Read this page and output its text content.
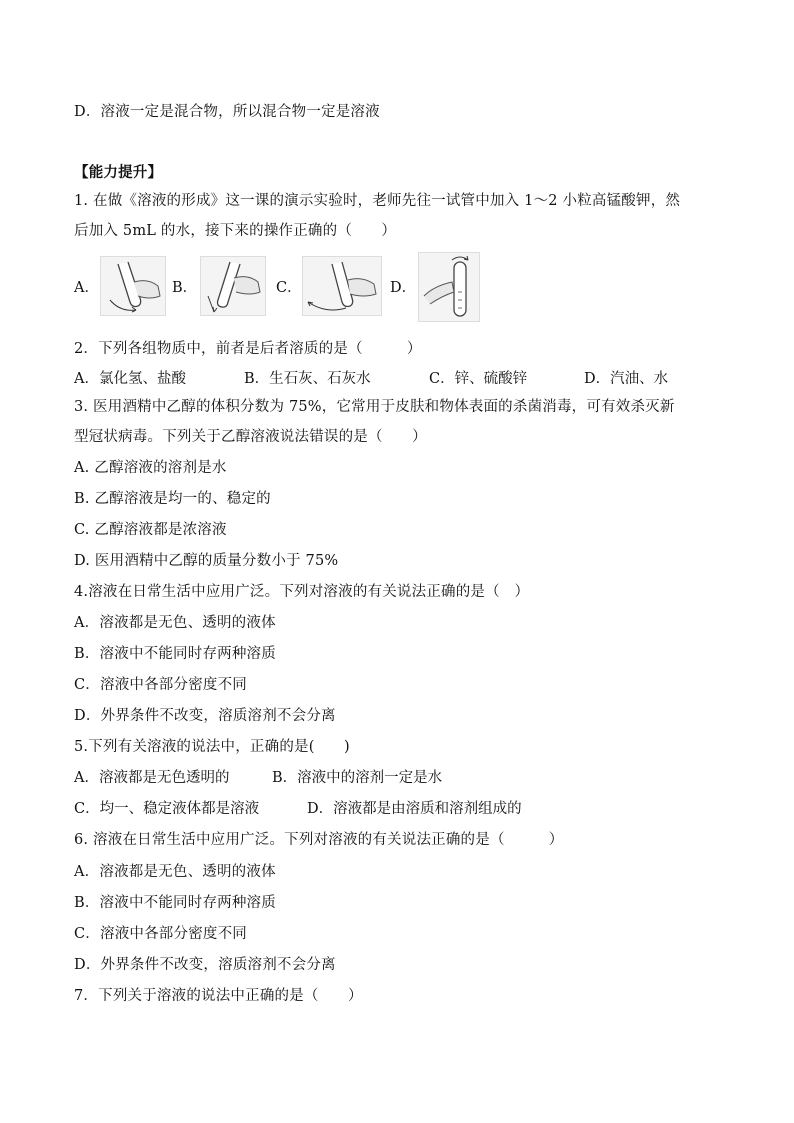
D．溶液一定是混合物，所以混合物一定是溶液
【能力提升】
1. 在做《溶液的形成》这一课的演示实验时，老师先往一试管中加入 1～2 小粒高锰酸钾，然
后加入 5mL 的水，接下来的操作正确的（　　）
A．	B．	C．	D．
2．下列各组物质中，前者是后者溶质的是（　　　）
A．氯化氢、盐酸	B．生石灰、石灰水	C．锌、硫酸锌	D．汽油、水
3. 医用酒精中乙醇的体积分数为 75%，它常用于皮肤和物体表面的杀菌消毒，可有效杀灭新
型冠状病毒。下列关于乙醇溶液说法错误的是（　　）
A. 乙醇溶液的溶剂是水
B. 乙醇溶液是均一的、稳定的
C. 乙醇溶液都是浓溶液
D. 医用酒精中乙醇的质量分数小于 75%
4.溶液在日常生活中应用广泛。下列对溶液的有关说法正确的是（　）
A．溶液都是无色、透明的液体
B．溶液中不能同时存两种溶质
C．溶液中各部分密度不同
D．外界条件不改变，溶质溶剂不会分离
5.下列有关溶液的说法中，正确的是(　　)
A．溶液都是无色透明的	B．溶液中的溶剂一定是水
C．均一、稳定液体都是溶液	D．溶液都是由溶质和溶剂组成的
6. 溶液在日常生活中应用广泛。下列对溶液的有关说法正确的是（　　　）
A．溶液都是无色、透明的液体
B．溶液中不能同时存两种溶质
C．溶液中各部分密度不同
D．外界条件不改变，溶质溶剂不会分离
7．下列关于溶液的说法中正确的是（　　）
